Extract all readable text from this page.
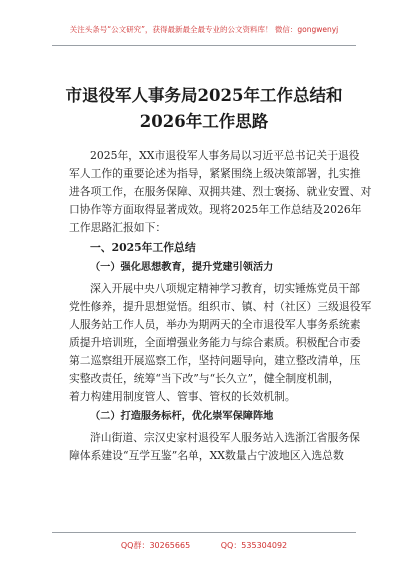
关注头条号“公文研究”，获得最新最全最专业的公文资料库！ 微信：gongwenyj
市退役军人事务局2025年工作总结和
2026年工作思路
2025年，XX市退役军人事务局以习近平总书记关于退役
军人工作的重要论述为指导，紧紧围绕上级决策部署，扎实推
进各项工作，在服务保障、双拥共建、烈士褒扬、就业安置、对
口协作等方面取得显著成效。现将2025年工作总结及2026年
工作思路汇报如下：
一、2025年工作总结
（一）强化思想教育，提升党建引领活力
深入开展中央八项规定精神学习教育，切实锤炼党员干部
党性修养，提升思想觉悟。组织市、镇、村（社区）三级退役军
人服务站工作人员，举办为期两天的全市退役军人事务系统素
质提升培训班，全面增强业务能力与综合素质。积极配合市委
第二巡察组开展巡察工作，坚持问题导向，建立整改清单，压
实整改责任，统筹“当下改”与“长久立”，健全制度机制，
着力构建用制度管人、管事、管权的长效机制。
（二）打造服务标杆，优化崇军保障阵地
浒山街道、宗汉史家村退役军人服务站入选浙江省服务保
障体系建设“互学互鉴”名单，XX数量占宁波地区入选总数
QQ群：30265665	QQ：535304092
